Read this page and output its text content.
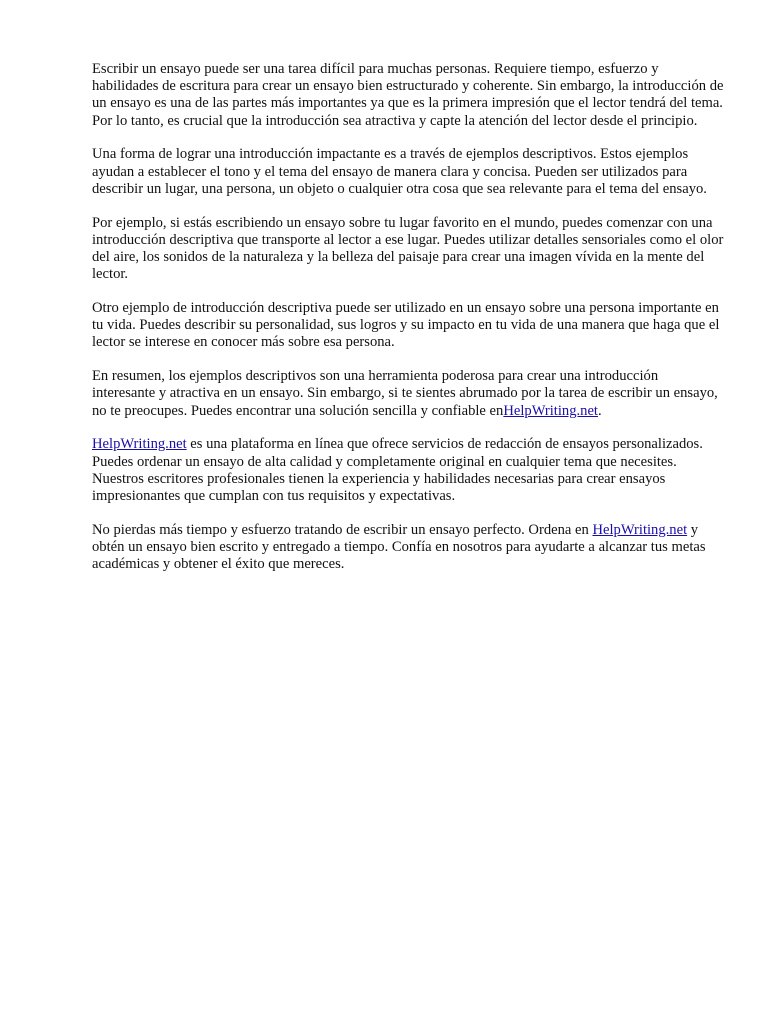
Escribir un ensayo puede ser una tarea difícil para muchas personas. Requiere tiempo, esfuerzo y habilidades de escritura para crear un ensayo bien estructurado y coherente. Sin embargo, la introducción de un ensayo es una de las partes más importantes ya que es la primera impresión que el lector tendrá del tema. Por lo tanto, es crucial que la introducción sea atractiva y capte la atención del lector desde el principio.

Una forma de lograr una introducción impactante es a través de ejemplos descriptivos. Estos ejemplos ayudan a establecer el tono y el tema del ensayo de manera clara y concisa. Pueden ser utilizados para describir un lugar, una persona, un objeto o cualquier otra cosa que sea relevante para el tema del ensayo.

Por ejemplo, si estás escribiendo un ensayo sobre tu lugar favorito en el mundo, puedes comenzar con una introducción descriptiva que transporte al lector a ese lugar. Puedes utilizar detalles sensoriales como el olor del aire, los sonidos de la naturaleza y la belleza del paisaje para crear una imagen vívida en la mente del lector.

Otro ejemplo de introducción descriptiva puede ser utilizado en un ensayo sobre una persona importante en tu vida. Puedes describir su personalidad, sus logros y su impacto en tu vida de una manera que haga que el lector se interese en conocer más sobre esa persona.

En resumen, los ejemplos descriptivos son una herramienta poderosa para crear una introducción interesante y atractiva en un ensayo. Sin embargo, si te sientes abrumado por la tarea de escribir un ensayo, no te preocupes. Puedes encontrar una solución sencilla y confiable enHelpWriting.net.

HelpWriting.net es una plataforma en línea que ofrece servicios de redacción de ensayos personalizados. Puedes ordenar un ensayo de alta calidad y completamente original en cualquier tema que necesites. Nuestros escritores profesionales tienen la experiencia y habilidades necesarias para crear ensayos impresionantes que cumplan con tus requisitos y expectativas.

No pierdas más tiempo y esfuerzo tratando de escribir un ensayo perfecto. Ordena en HelpWriting.net y obtén un ensayo bien escrito y entregado a tiempo. Confía en nosotros para ayudarte a alcanzar tus metas académicas y obtener el éxito que mereces.
